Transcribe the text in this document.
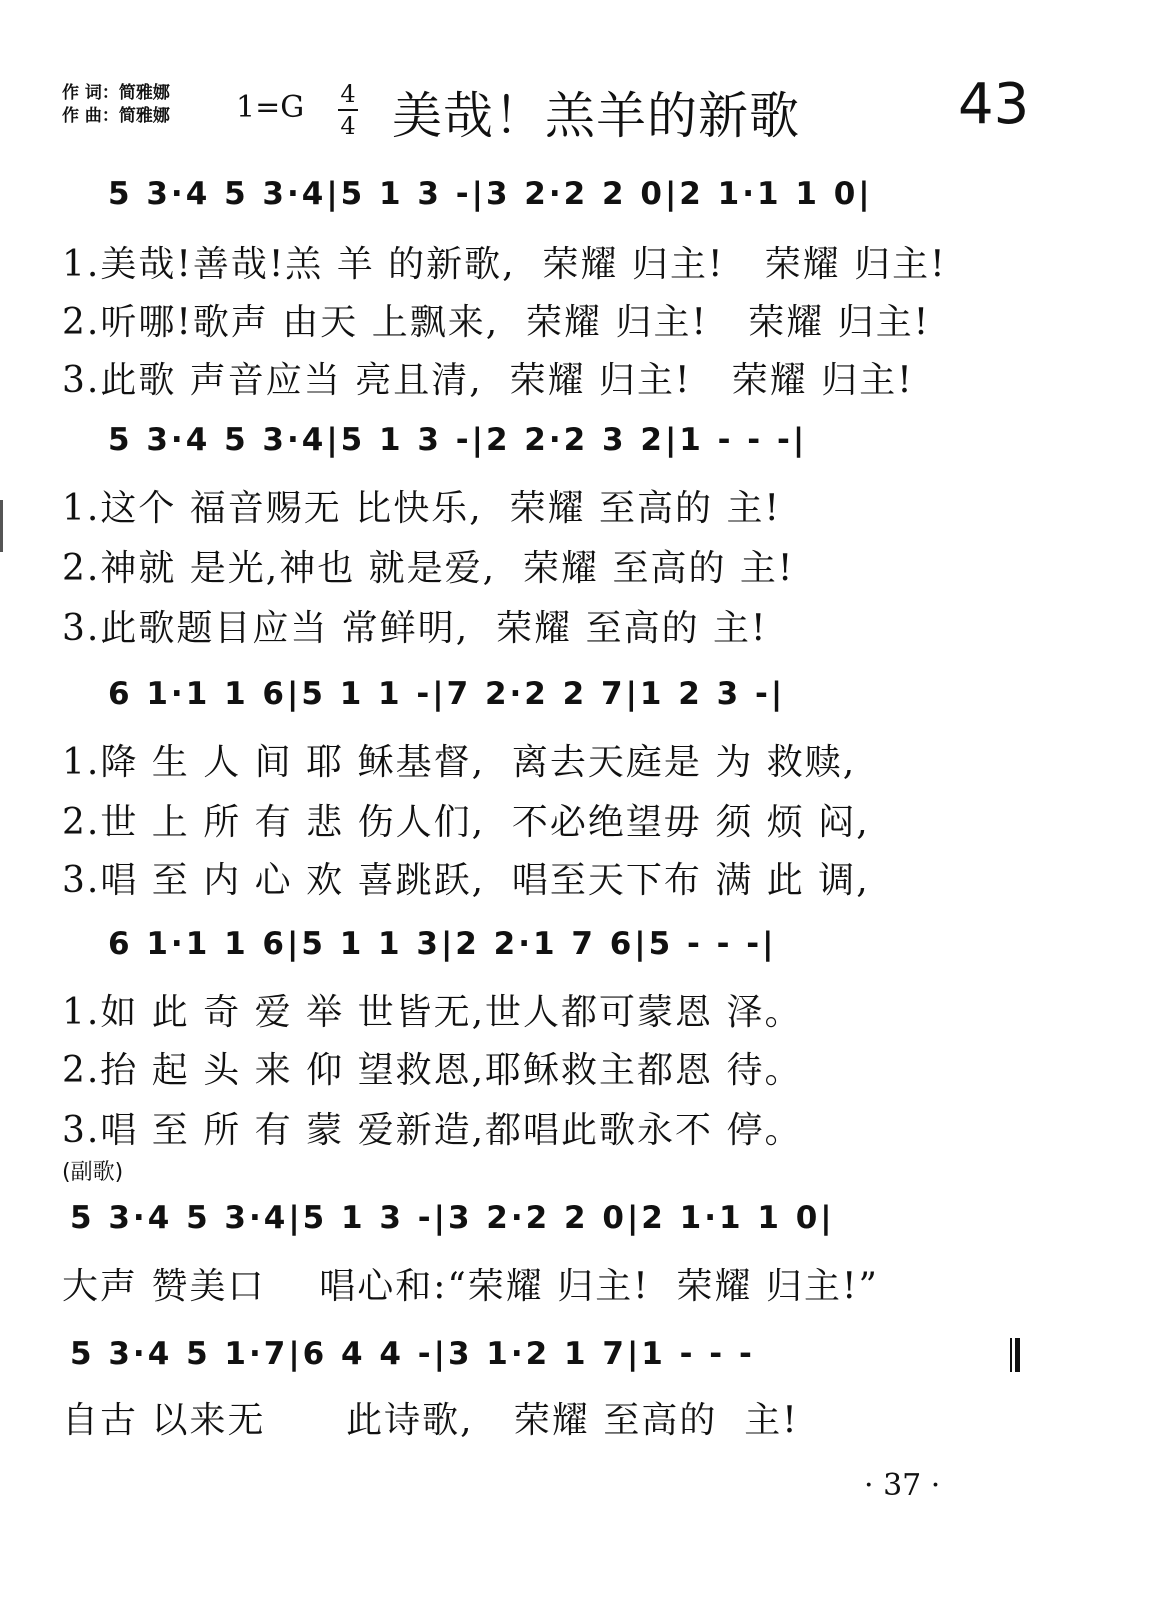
作 词：简雅娜
作 曲：简雅娜 1=G 4
4 美哉！羔羊的新歌	43
5 3·4 5 3·4|5 1 3 -|3 2·2 2 0|2 1·1 1 0|
1.美哉!善哉!羔 羊 的新歌,  荣耀 归主!   荣耀 归主!
2.听哪!歌声 由天 上飘来,  荣耀 归主!   荣耀 归主!
3.此歌 声音应当 亮且清,  荣耀 归主!   荣耀 归主!
5 3·4 5 3·4|5 1 3 -|2 2·2 3 2|1 - - -|
1.这个 福音赐无 比快乐,  荣耀 至高的 主!
2.神就 是光,神也 就是爱,  荣耀 至高的 主!
3.此歌题目应当 常鲜明,  荣耀 至高的 主!
6 1·1 1 6|5 1 1 -|7 2·2 2 7|1 2 3 -|
1.降 生 人 间 耶 稣基督,  离去天庭是 为 救赎,
2.世 上 所 有 悲 伤人们,  不必绝望毋 须 烦 闷,
3.唱 至 内 心 欢 喜跳跃,  唱至天下布 满 此 调,
6 1·1 1 6|5 1 1 3|2 2·1 7 6|5 - - -|
1.如 此 奇 爱 举 世皆无,世人都可蒙恩 泽。
2.抬 起 头 来 仰 望救恩,耶稣救主都恩 待。
3.唱 至 所 有 蒙 爱新造,都唱此歌永不 停。
(副歌)
5 3·4 5 3·4|5 1 3 -|3 2·2 2 0|2 1·1 1 0|
大声 赞美口    唱心和:“荣耀 归主!  荣耀 归主!”
5 3·4 5 1·7|6 4 4 -|3 1·2 1 7|1 - - -
自古 以来无      此诗歌,   荣耀 至高的  主!
· 37 ·
